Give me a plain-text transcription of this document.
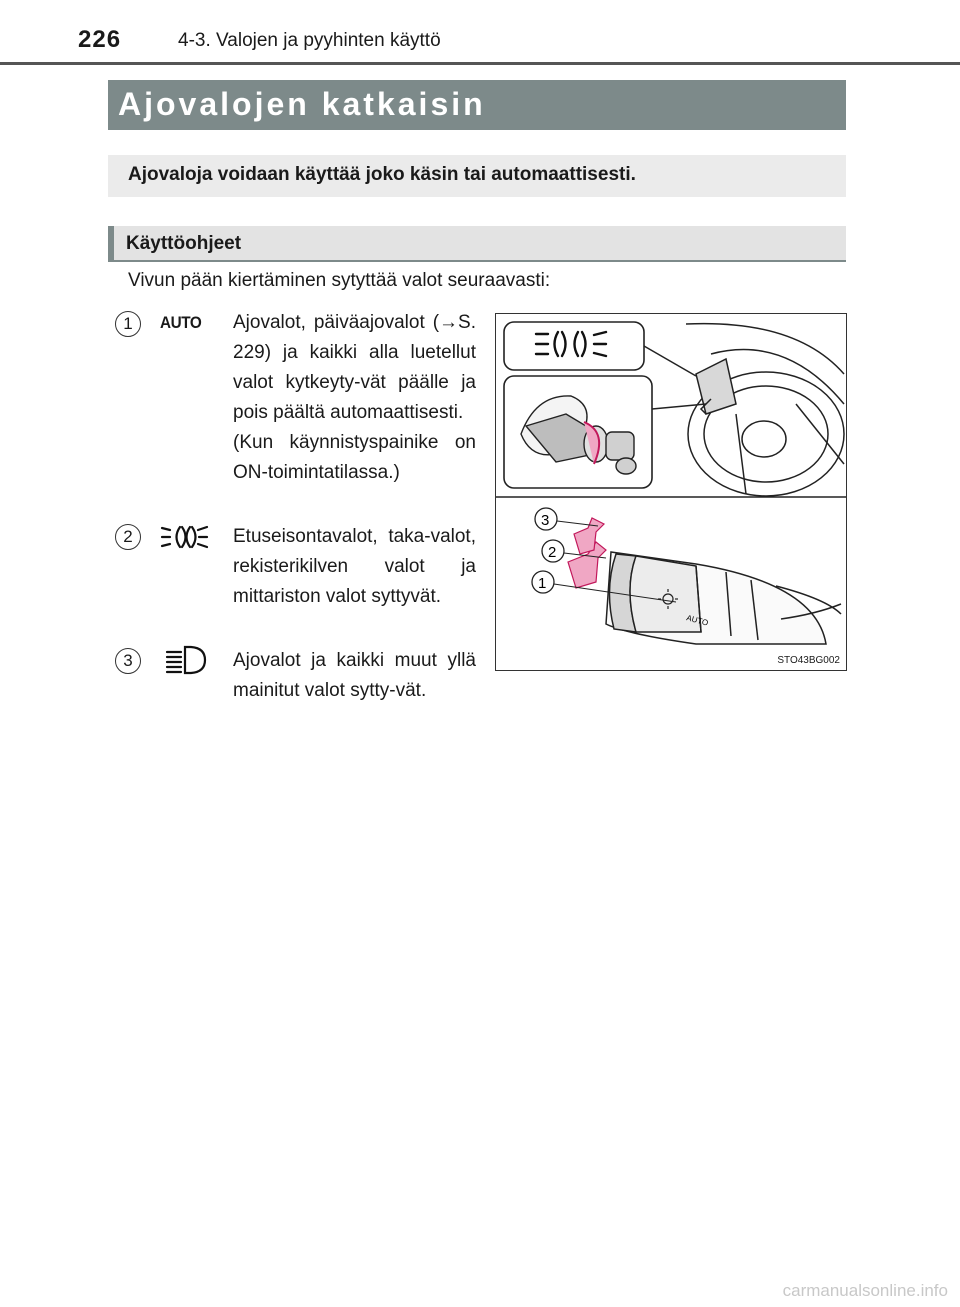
226	4-3. Valojen ja pyyhinten käyttö
Ajovalojen katkaisin
Ajovaloja voidaan käyttää joko käsin tai automaattisesti.
Käyttöohjeet
Vivun pään kiertäminen sytyttää valot seuraavasti:
1	AUTO Ajovalot, päiväajovalot (→S. 229) ja kaikki alla luetellut valot kytkeyty-vät päälle ja pois päältä automaattisesti.
(Kun käynnistyspainike on ON-toimintatilassa.)
2	Etuseisontavalot, taka-valot, rekisterikilven valot ja mittariston valot syttyvät.
3	Ajovalot ja kaikki muut yllä mainitut valot sytty-vät.
AUTO
3
2
1
STO43BG002
carmanualsonline.info
